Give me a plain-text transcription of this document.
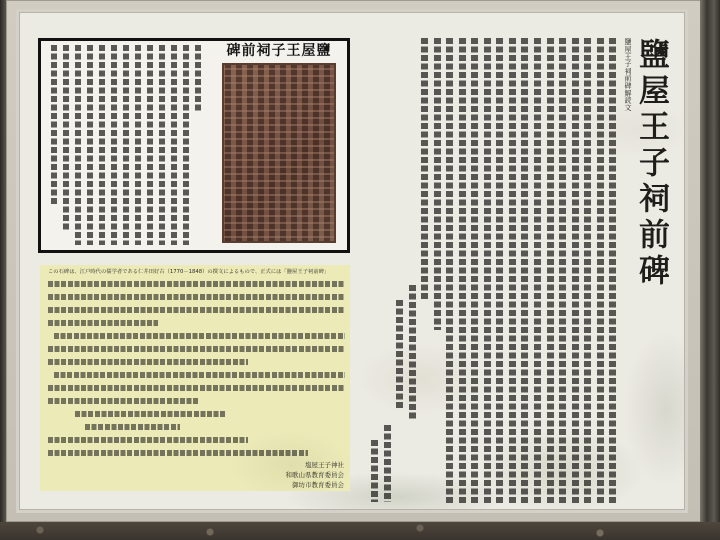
鹽屋王子祠前碑
鹽屋王子祠前碑解読文
鹽屋王子祠前碑
この石碑は、江戸時代の儒学者である仁井田好古（1770－1848）の撰文によるもので、正式には「鹽屋王子祠前碑」
塩屋王子神社
和歌山県教育委員会
御坊市教育委員会
